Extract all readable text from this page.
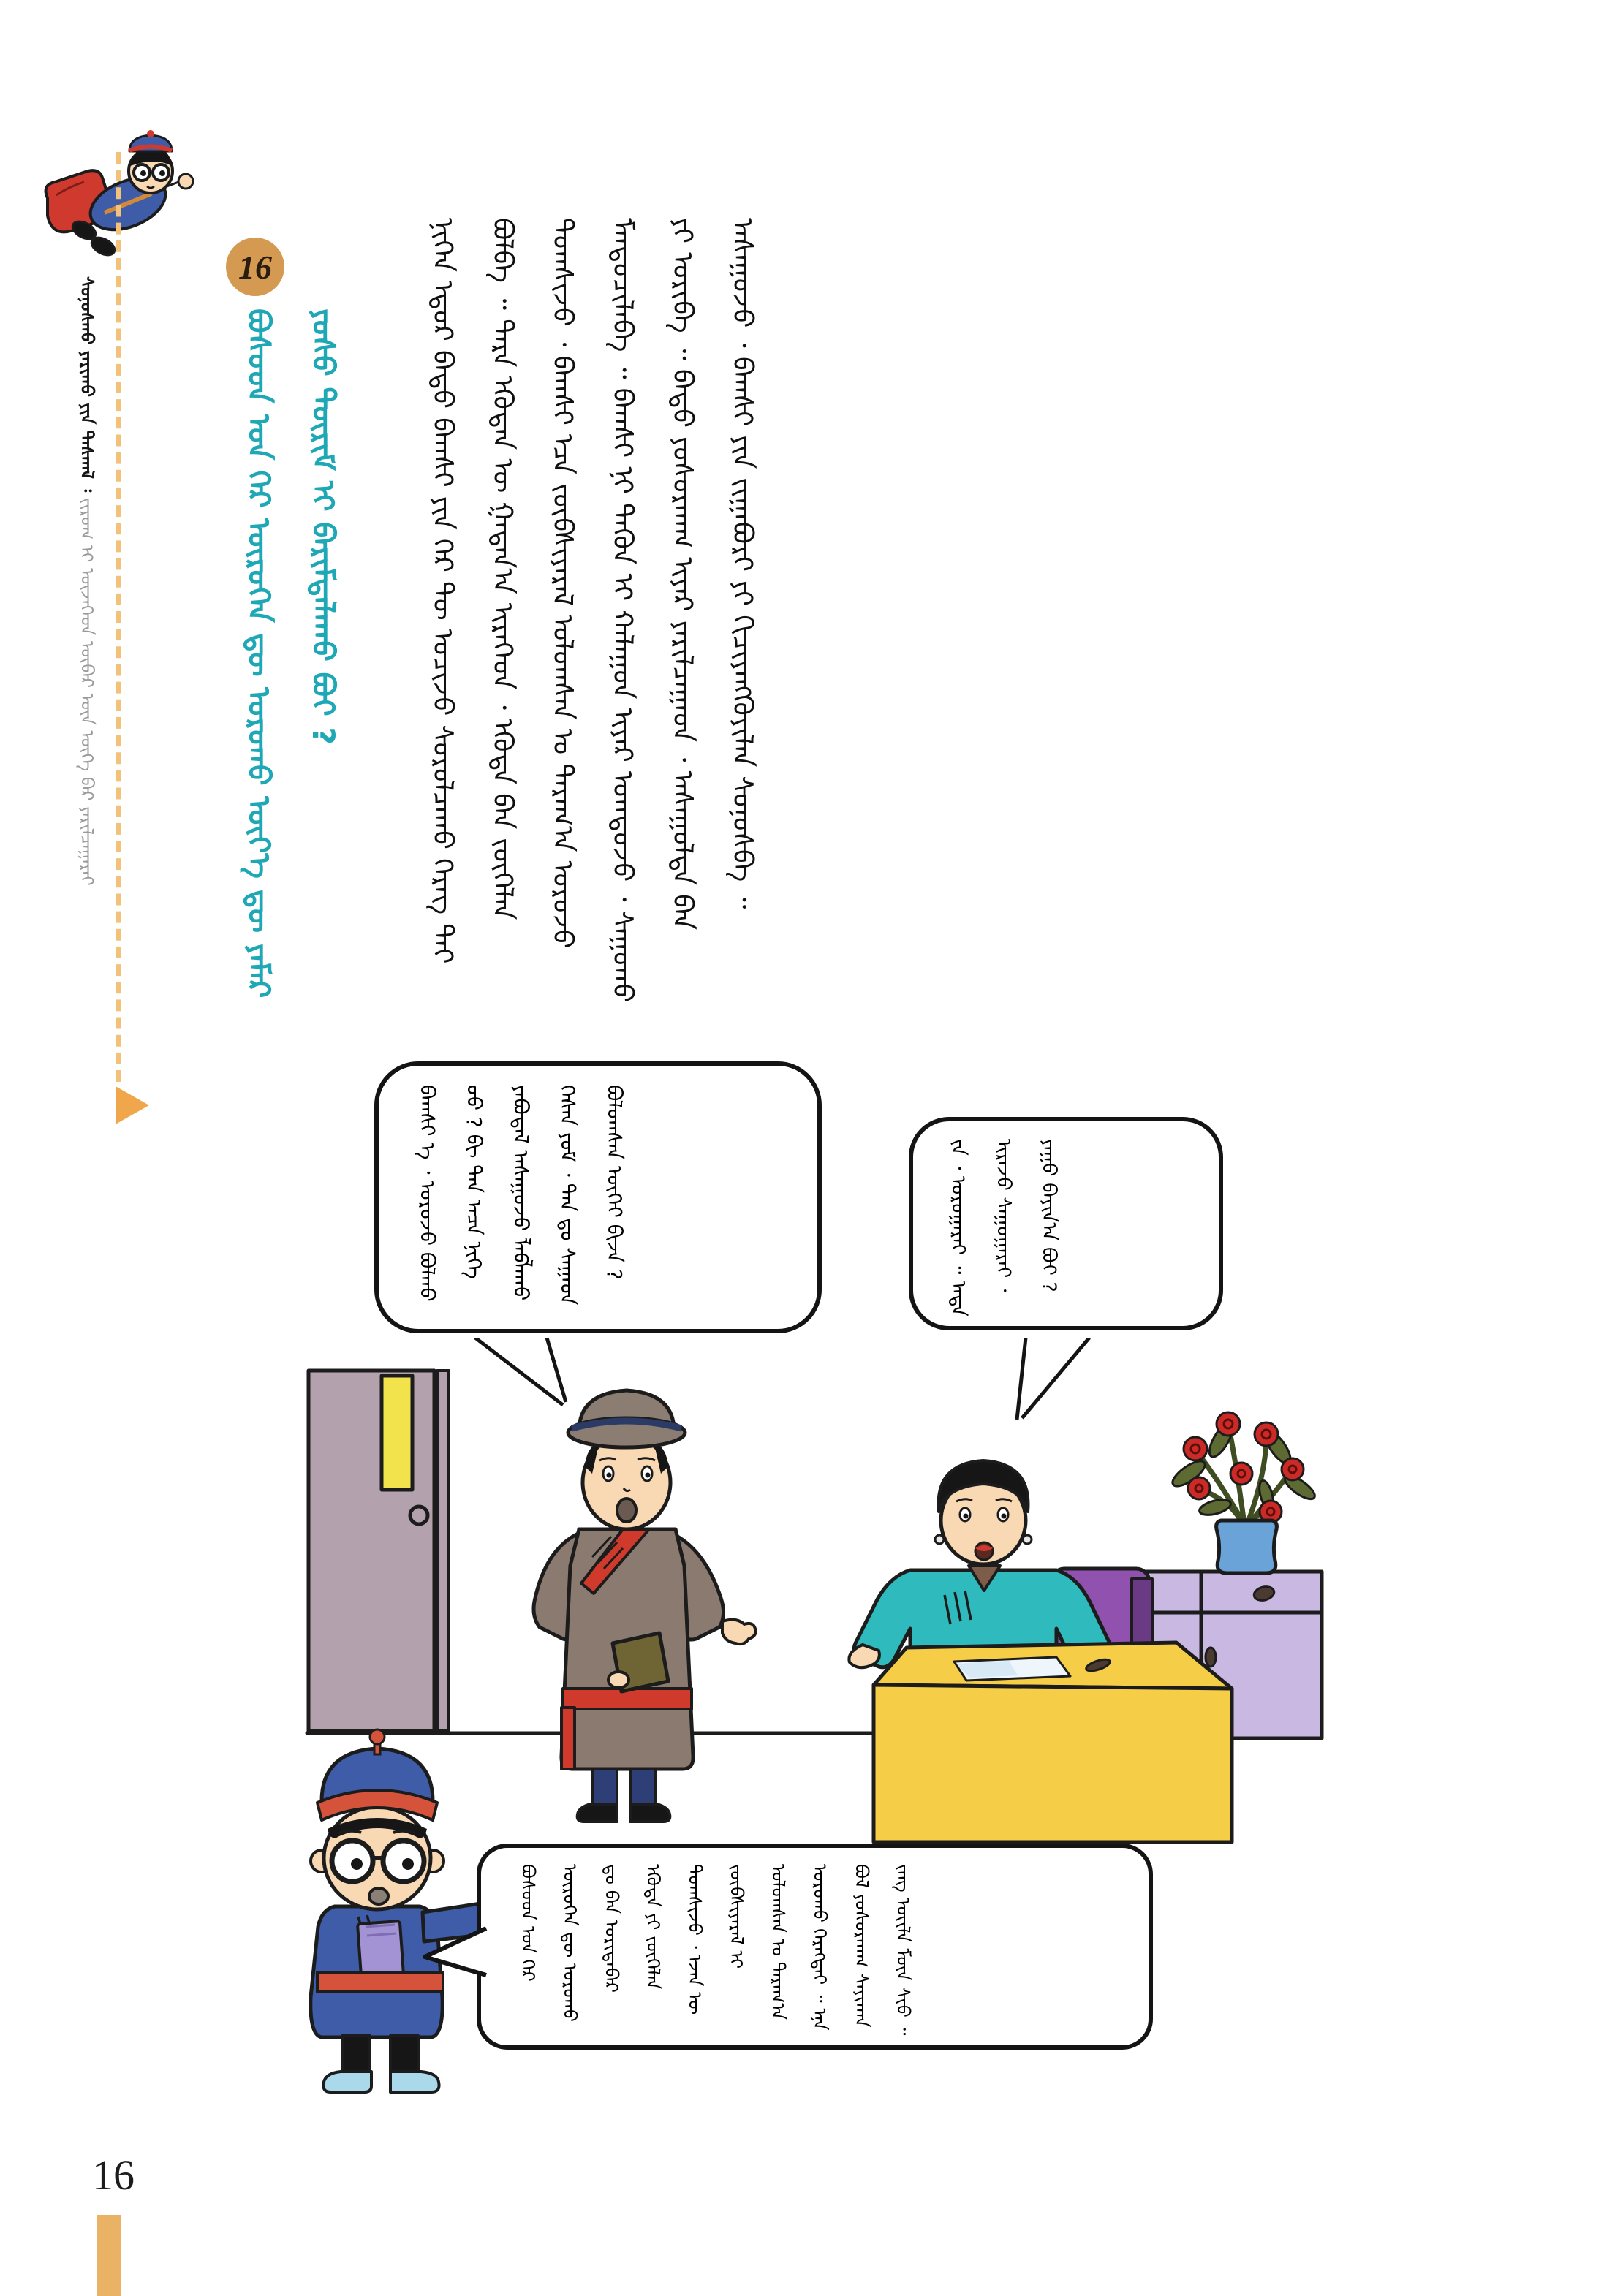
ᠰᠣᠨᠣᠰᠬᠤ ᠶᠠᠷᠢᠬᠤ ᠶᠢᠨ ᠳᠠᠰᠬᠠᠯ ᠄ ᠵᠢᠷᠤᠭ ᠢ ᠦᠵᠡᠭᠡᠳ ᠥᠪᠡᠷ ᠦᠨ ᠦᠭᠡ ᠪᠡᠷ ᠶᠠᠷᠢᠯᠴᠠᠭᠠᠷᠠᠢ
16
ᠪᠤᠰᠤᠳ ᠤᠨ ᠭᠡᠷ ᠥᠷᠥᠭᠡᠨ ᠳᠦ ᠣᠷᠣᠬᠤ ᠦᠶ᠎ᠡ ᠳᠦ ᠶᠠᠮᠠᠷ ᠶᠣᠰᠣ ᠳᠦᠷᠢᠮ ᠢ ᠪᠠᠷᠢᠮᠲᠠᠯᠠᠬᠤ ᠪᠤᠢ ?	ᠨᠢᠭᠡᠨ ᠡᠳᠦᠷ ᠪᠠᠲᠤ ᠪᠠᠭᠰᠢ ᠶᠢᠨ ᠭᠡᠷ ᠲᠦ ᠣᠴᠢᠵᠤ ᠰᠤᠷᠤᠯᠴᠠᠬᠤ ᠬᠡᠷᠡᠭ ᠲᠡᠢ ᠪᠣᠯᠪᠠ ᠃ ᠲᠡᠷᠡ ᠡᠭᠦᠳᠡᠨ ᠦ ᠭᠠᠳᠠᠨ᠎ᠠ ᠢᠷᠡᠭᠡᠳ ᠂ ᠡᠭᠦᠳᠡ ᠪᠡᠨ ᠵᠥᠭᠡᠯᠡᠨ ᠲᠣᠭᠰᠢᠵᠤ ᠂ ᠪᠠᠭᠰᠢ ᠡᠴᠡ ᠵᠥᠪᠰᠢᠶᠡᠷᠡᠯ ᠣᠯᠤᠭᠰᠠᠨ ᠤ ᠳᠠᠷᠠᠭ᠎ᠠ ᠣᠷᠣᠵᠤ ᠮᠡᠨᠳᠦᠴᠢᠯᠡᠪᠡ ᠃ ᠪᠠᠭᠰᠢ ᠨᠢ ᠲᠡᠭᠦᠨ ᠢ ᠬᠠᠯᠠᠭᠤᠨ ᠢᠶᠠᠷ ᠤᠭᠲᠤᠵᠤ ᠂ ᠰᠠᠭᠤᠬᠤ ᠶᠢ ᠤᠷᠢᠪᠠ ᠃ ᠪᠠᠲᠤ ᠶᠣᠰᠣᠷᠬᠠᠭ ᠢᠶᠠᠷ ᠶᠠᠷᠢᠯᠴᠠᠭᠠᠳ ᠂ ᠠᠰᠠᠭᠤᠯᠲᠠ ᠪᠠᠨ ᠠᠰᠠᠭᠤᠵᠤ ᠂ ᠪᠠᠭᠰᠢ ᠶᠢᠨ ᠵᠢᠭᠠᠪᠤᠷᠢ ᠶᠢ ᠬᠢᠴᠢᠶᠡᠩᠭᠦᠶᠢᠯᠡᠨ ᠰᠣᠨᠣᠰᠪᠠ ᠃
ᠪᠠᠭᠰᠢ ᠡ ᠂ ᠣᠷᠣᠵᠤ ᠪᠣᠯᠬᠤ ᠤᠤ ? ᠪᠢ ᠲᠠᠨ ᠠᠴᠠ ᠨᠢᠭᠡ ᠶᠠᠪᠤᠳᠠᠯ ᠠᠰᠠᠭᠤᠵᠤ ᠯᠠᠪᠯᠠᠬᠤ ᠭᠡᠰᠡᠨ ᠶᠤᠮ ᠂ ᠲᠠᠨ ᠳᠤ ᠰᠠᠭᠠᠳ ᠪᠣᠯᠤᠭᠰᠠᠨ ᠦᠭᠡᠢ ᠪᠢᠵᠡ ?	ᠵᠠ ᠂ ᠣᠷᠣᠭᠠᠷᠠᠢ ᠃ ᠡᠨᠳᠡ ᠢᠷᠡᠵᠦ ᠰᠠᠭᠤᠭᠠᠷᠠᠢ ᠂ ᠶᠠᠭᠤ ᠪᠠᠶᠢᠨ᠎ᠠ ᠪᠤᠢ ?
ᠪᠤᠰᠤᠳ ᠤᠨ ᠭᠡᠷ ᠥᠷᠥᠭᠡᠨ ᠳᠦ ᠣᠷᠣᠬᠤ ᠳᠤ ᠪᠠᠨ ᠤᠷᠢᠳᠠᠪᠠᠷ ᠡᠭᠦᠳᠡ ᠶᠢ ᠵᠥᠭᠡᠯᠡᠨ ᠲᠣᠭᠰᠢᠵᠤ ᠂ ᠡᠵᠡᠨ ᠦ ᠵᠥᠪᠰᠢᠶᠡᠷᠡᠯ ᠢ ᠣᠯᠤᠭᠰᠠᠨ ᠤ ᠳᠠᠷᠠᠭ᠎ᠠ ᠣᠷᠣᠬᠤ ᠬᠡᠷᠡᠭᠲᠡᠢ ᠃ ᠡᠨᠡ ᠪᠣᠯ ᠶᠣᠰᠣᠷᠬᠠᠭ ᠰᠠᠶᠢᠬᠠᠨ ᠵᠠᠩ ᠦᠢᠯᠡ ᠮᠥᠨ ᠰᠢᠦ ᠃
16
